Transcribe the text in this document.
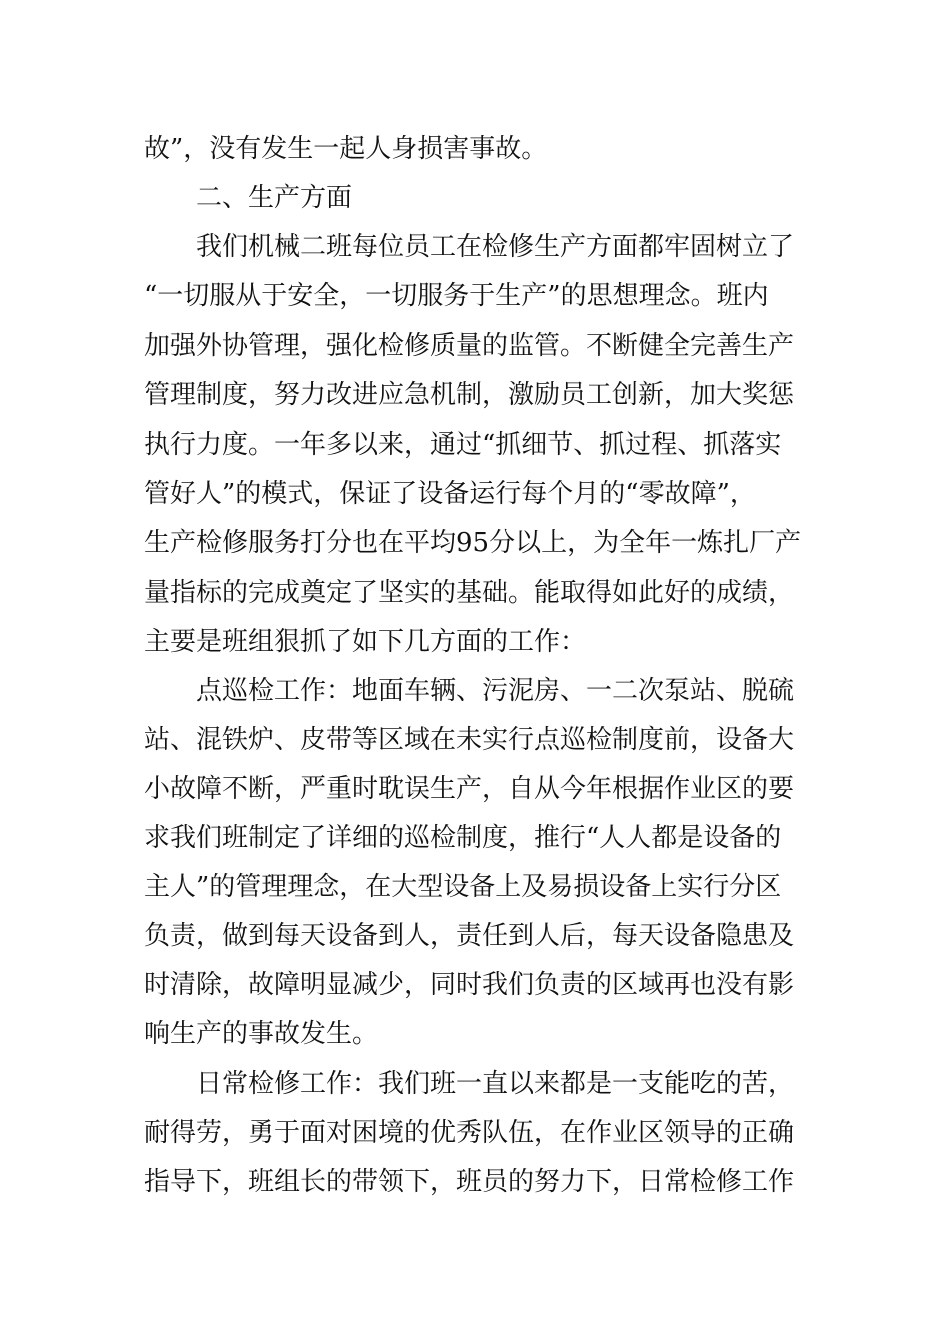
故”，没有发生一起人身损害事故。
二、生产方面
我们机械二班每位员工在检修生产方面都牢固树立了
“一切服从于安全，一切服务于生产”的思想理念。班内
加强外协管理，强化检修质量的监管。不断健全完善生产
管理制度，努力改进应急机制，激励员工创新，加大奖惩
执行力度。一年多以来，通过“抓细节、抓过程、抓落实
管好人”的模式，保证了设备运行每个月的“零故障”，
生产检修服务打分也在平均95分以上，为全年一炼扎厂产
量指标的完成奠定了坚实的基础。能取得如此好的成绩，
主要是班组狠抓了如下几方面的工作：
点巡检工作：地面车辆、污泥房、一二次泵站、脱硫
站、混铁炉、皮带等区域在未实行点巡检制度前，设备大
小故障不断，严重时耽误生产，自从今年根据作业区的要
求我们班制定了详细的巡检制度，推行“人人都是设备的
主人”的管理理念，在大型设备上及易损设备上实行分区
负责，做到每天设备到人，责任到人后，每天设备隐患及
时清除，故障明显减少，同时我们负责的区域再也没有影
响生产的事故发生。
日常检修工作：我们班一直以来都是一支能吃的苦，
耐得劳，勇于面对困境的优秀队伍，在作业区领导的正确
指导下，班组长的带领下，班员的努力下，日常检修工作
